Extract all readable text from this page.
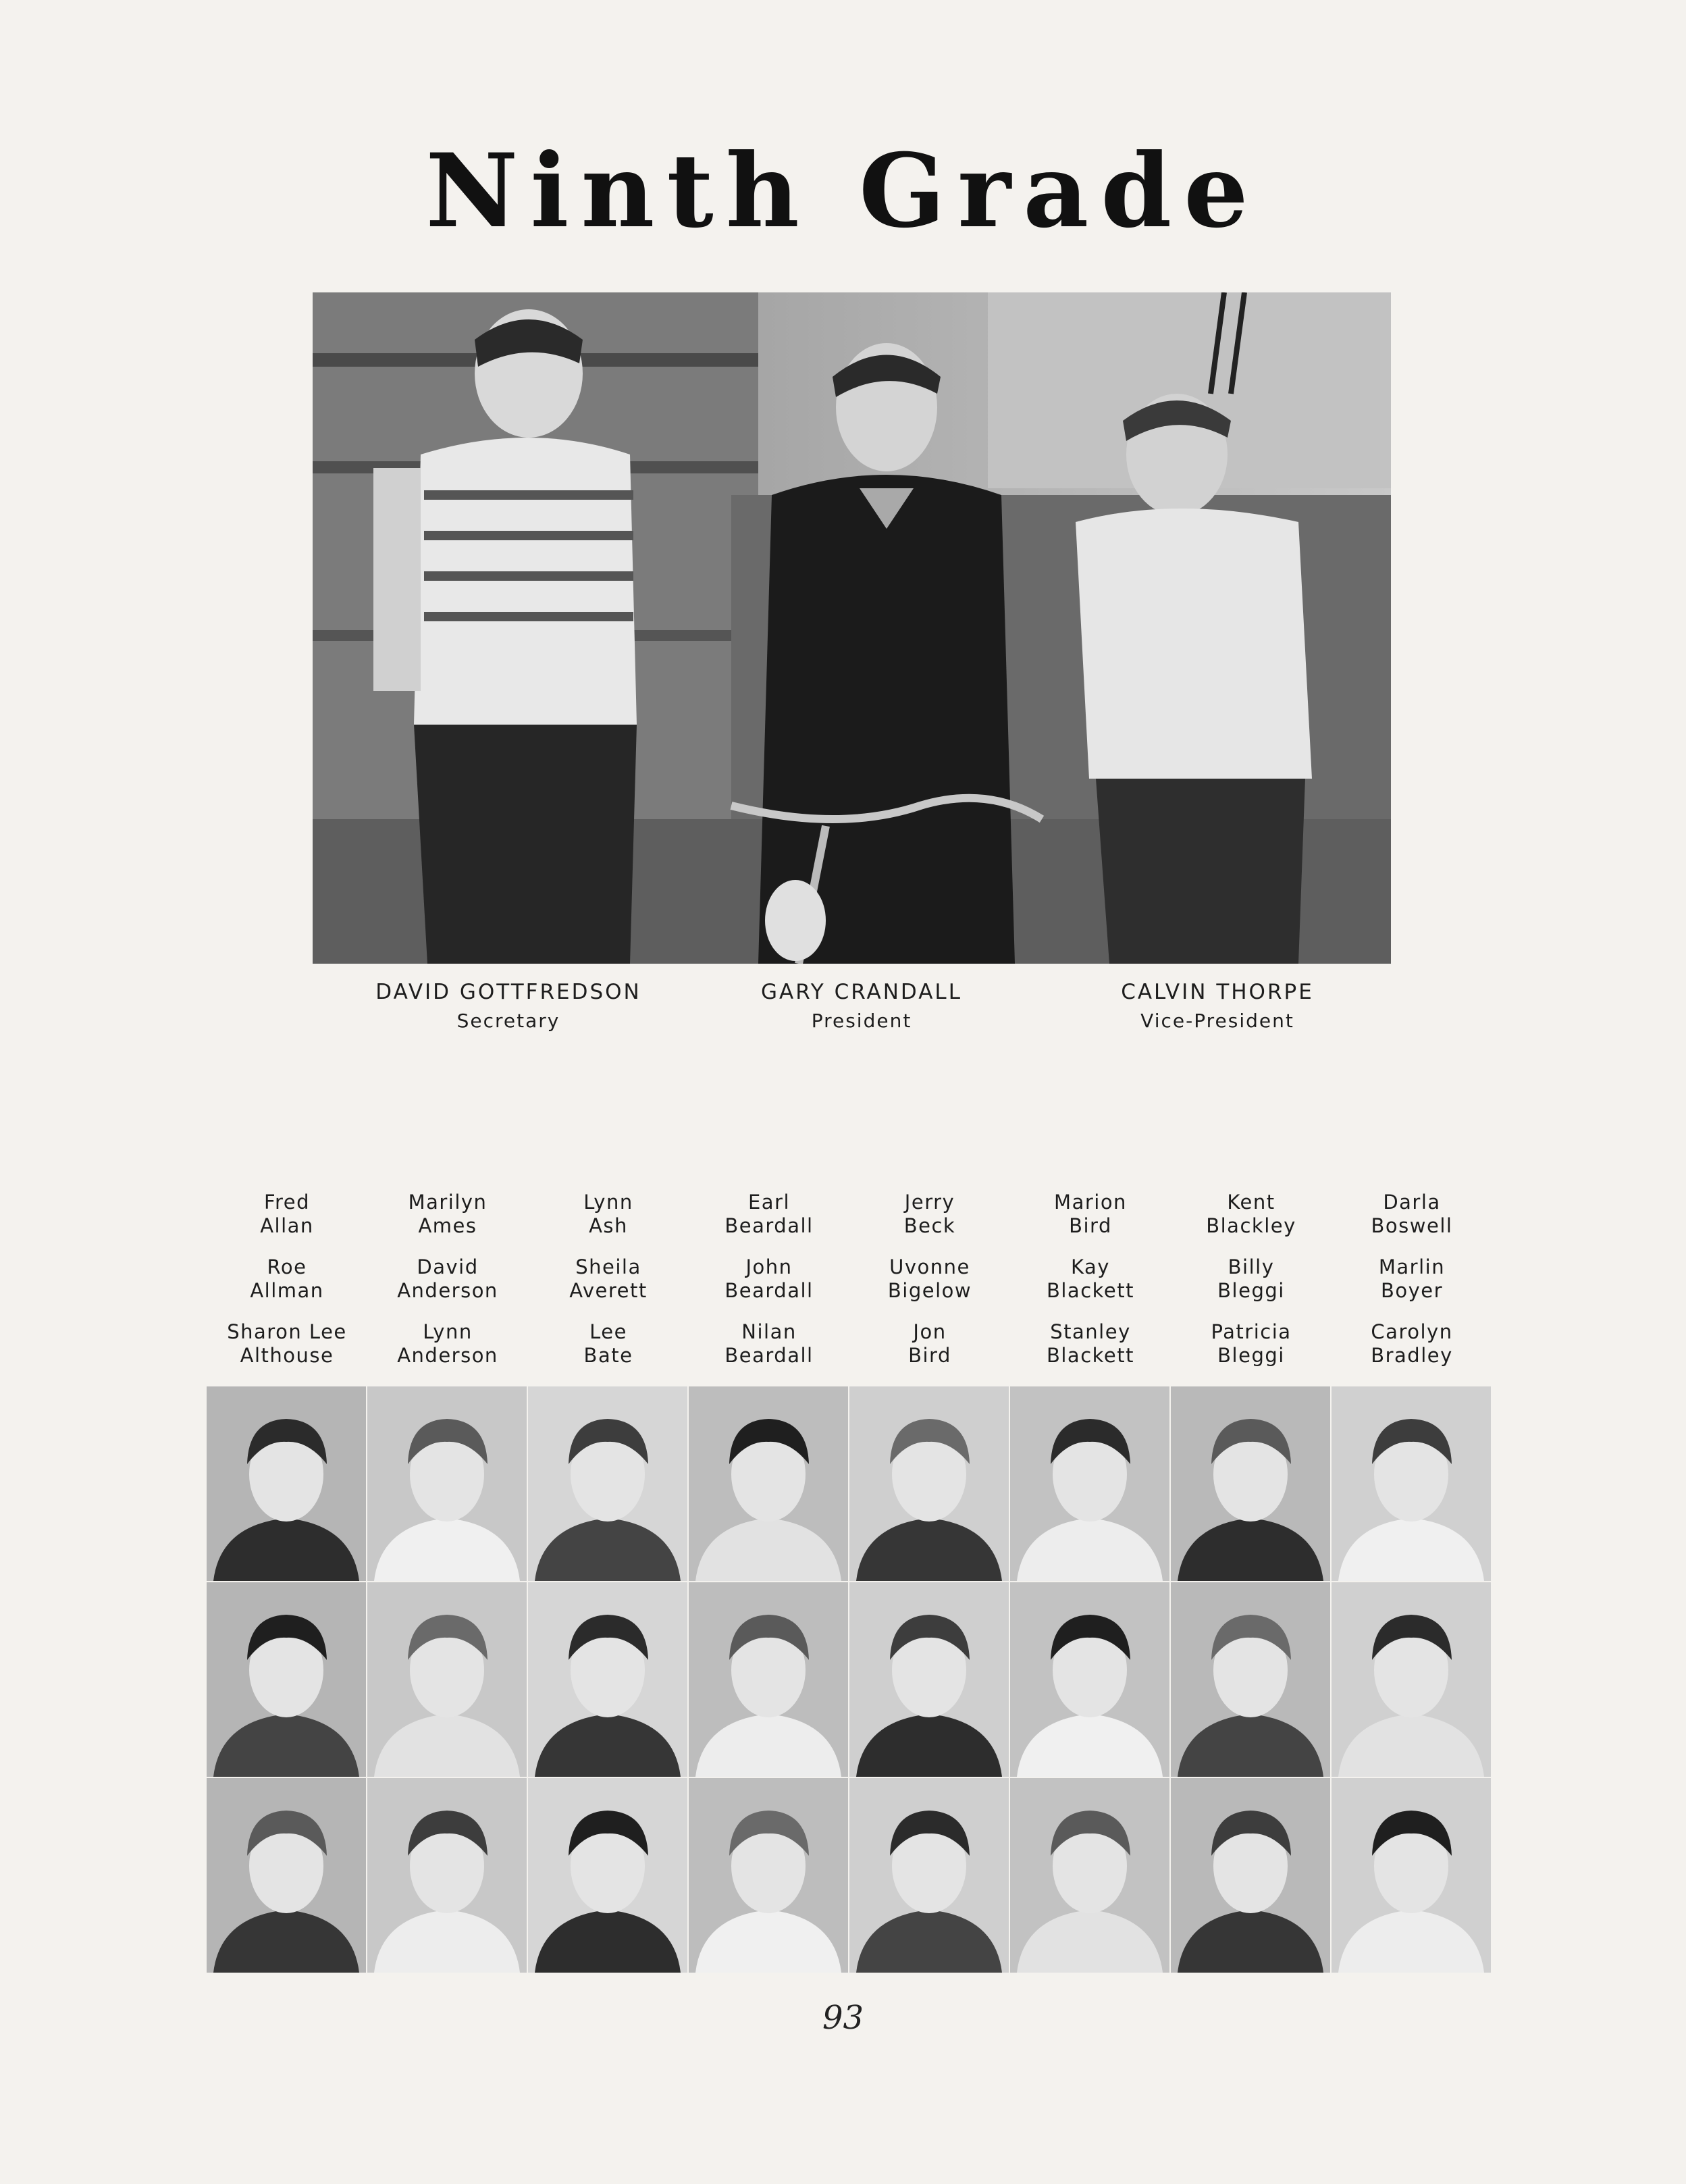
Ninth Grade
DAVID GOTTFREDSON
Secretary
GARY CRANDALL
President
CALVIN THORPE
Vice-President
Fred
Allan
Roe
Allman
Sharon Lee
Althouse
Marilyn
Ames
David
Anderson
Lynn
Anderson
Lynn
Ash
Sheila
Averett
Lee
Bate
Earl
Beardall
John
Beardall
Nilan
Beardall
Jerry
Beck
Uvonne
Bigelow
Jon
Bird
Marion
Bird
Kay
Blackett
Stanley
Blackett
Kent
Blackley
Billy
Bleggi
Patricia
Bleggi
Darla
Boswell
Marlin
Boyer
Carolyn
Bradley
93
